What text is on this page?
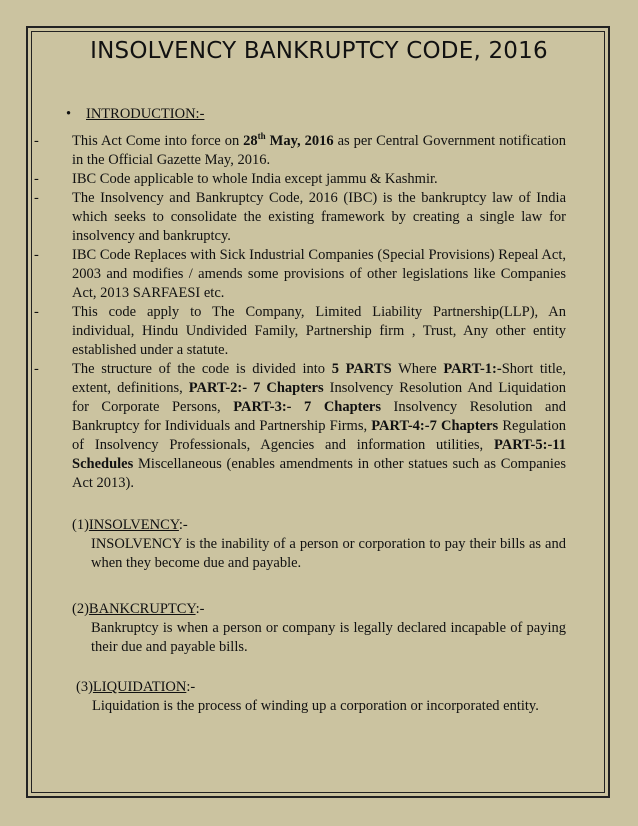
INSOLVENCY BANKRUPTCY CODE, 2016
• INTRODUCTION:-
-	This Act Come into force on 28th May, 2016 as per Central Government notification in the Official Gazette May, 2016.
-	IBC Code applicable to whole India except jammu & Kashmir.
-	The Insolvency and Bankruptcy Code, 2016 (IBC) is the bankruptcy law of India which seeks to consolidate the existing framework by creating a single law for insolvency and bankruptcy.
-	IBC Code Replaces with Sick Industrial Companies (Special Provisions) Repeal Act, 2003 and modifies / amends some provisions of other legislations like Companies Act, 2013 SARFAESI etc.
-	This code apply to The Company, Limited Liability Partnership(LLP), An individual, Hindu Undivided Family, Partnership firm , Trust, Any other entity established under a statute.
-	The structure of the code is divided into 5 PARTS Where PART-1:-Short title, extent, definitions, PART-2:- 7 Chapters Insolvency Resolution And Liquidation for Corporate Persons, PART-3:- 7 Chapters Insolvency Resolution and Bankruptcy for Individuals and Partnership Firms, PART-4:-7 Chapters Regulation of Insolvency Professionals, Agencies and information utilities, PART-5:-11 Schedules Miscellaneous (enables amendments in other statues such as Companies Act 2013).
(1)INSOLVENCY:-
INSOLVENCY is the inability of a person or corporation to pay their bills as and when they become due and payable.
(2)BANKCRUPTCY:-
Bankruptcy is when a person or company is legally declared incapable of paying their due and payable bills.
(3)LIQUIDATION:-
Liquidation is the process of winding up a corporation or incorporated entity.
